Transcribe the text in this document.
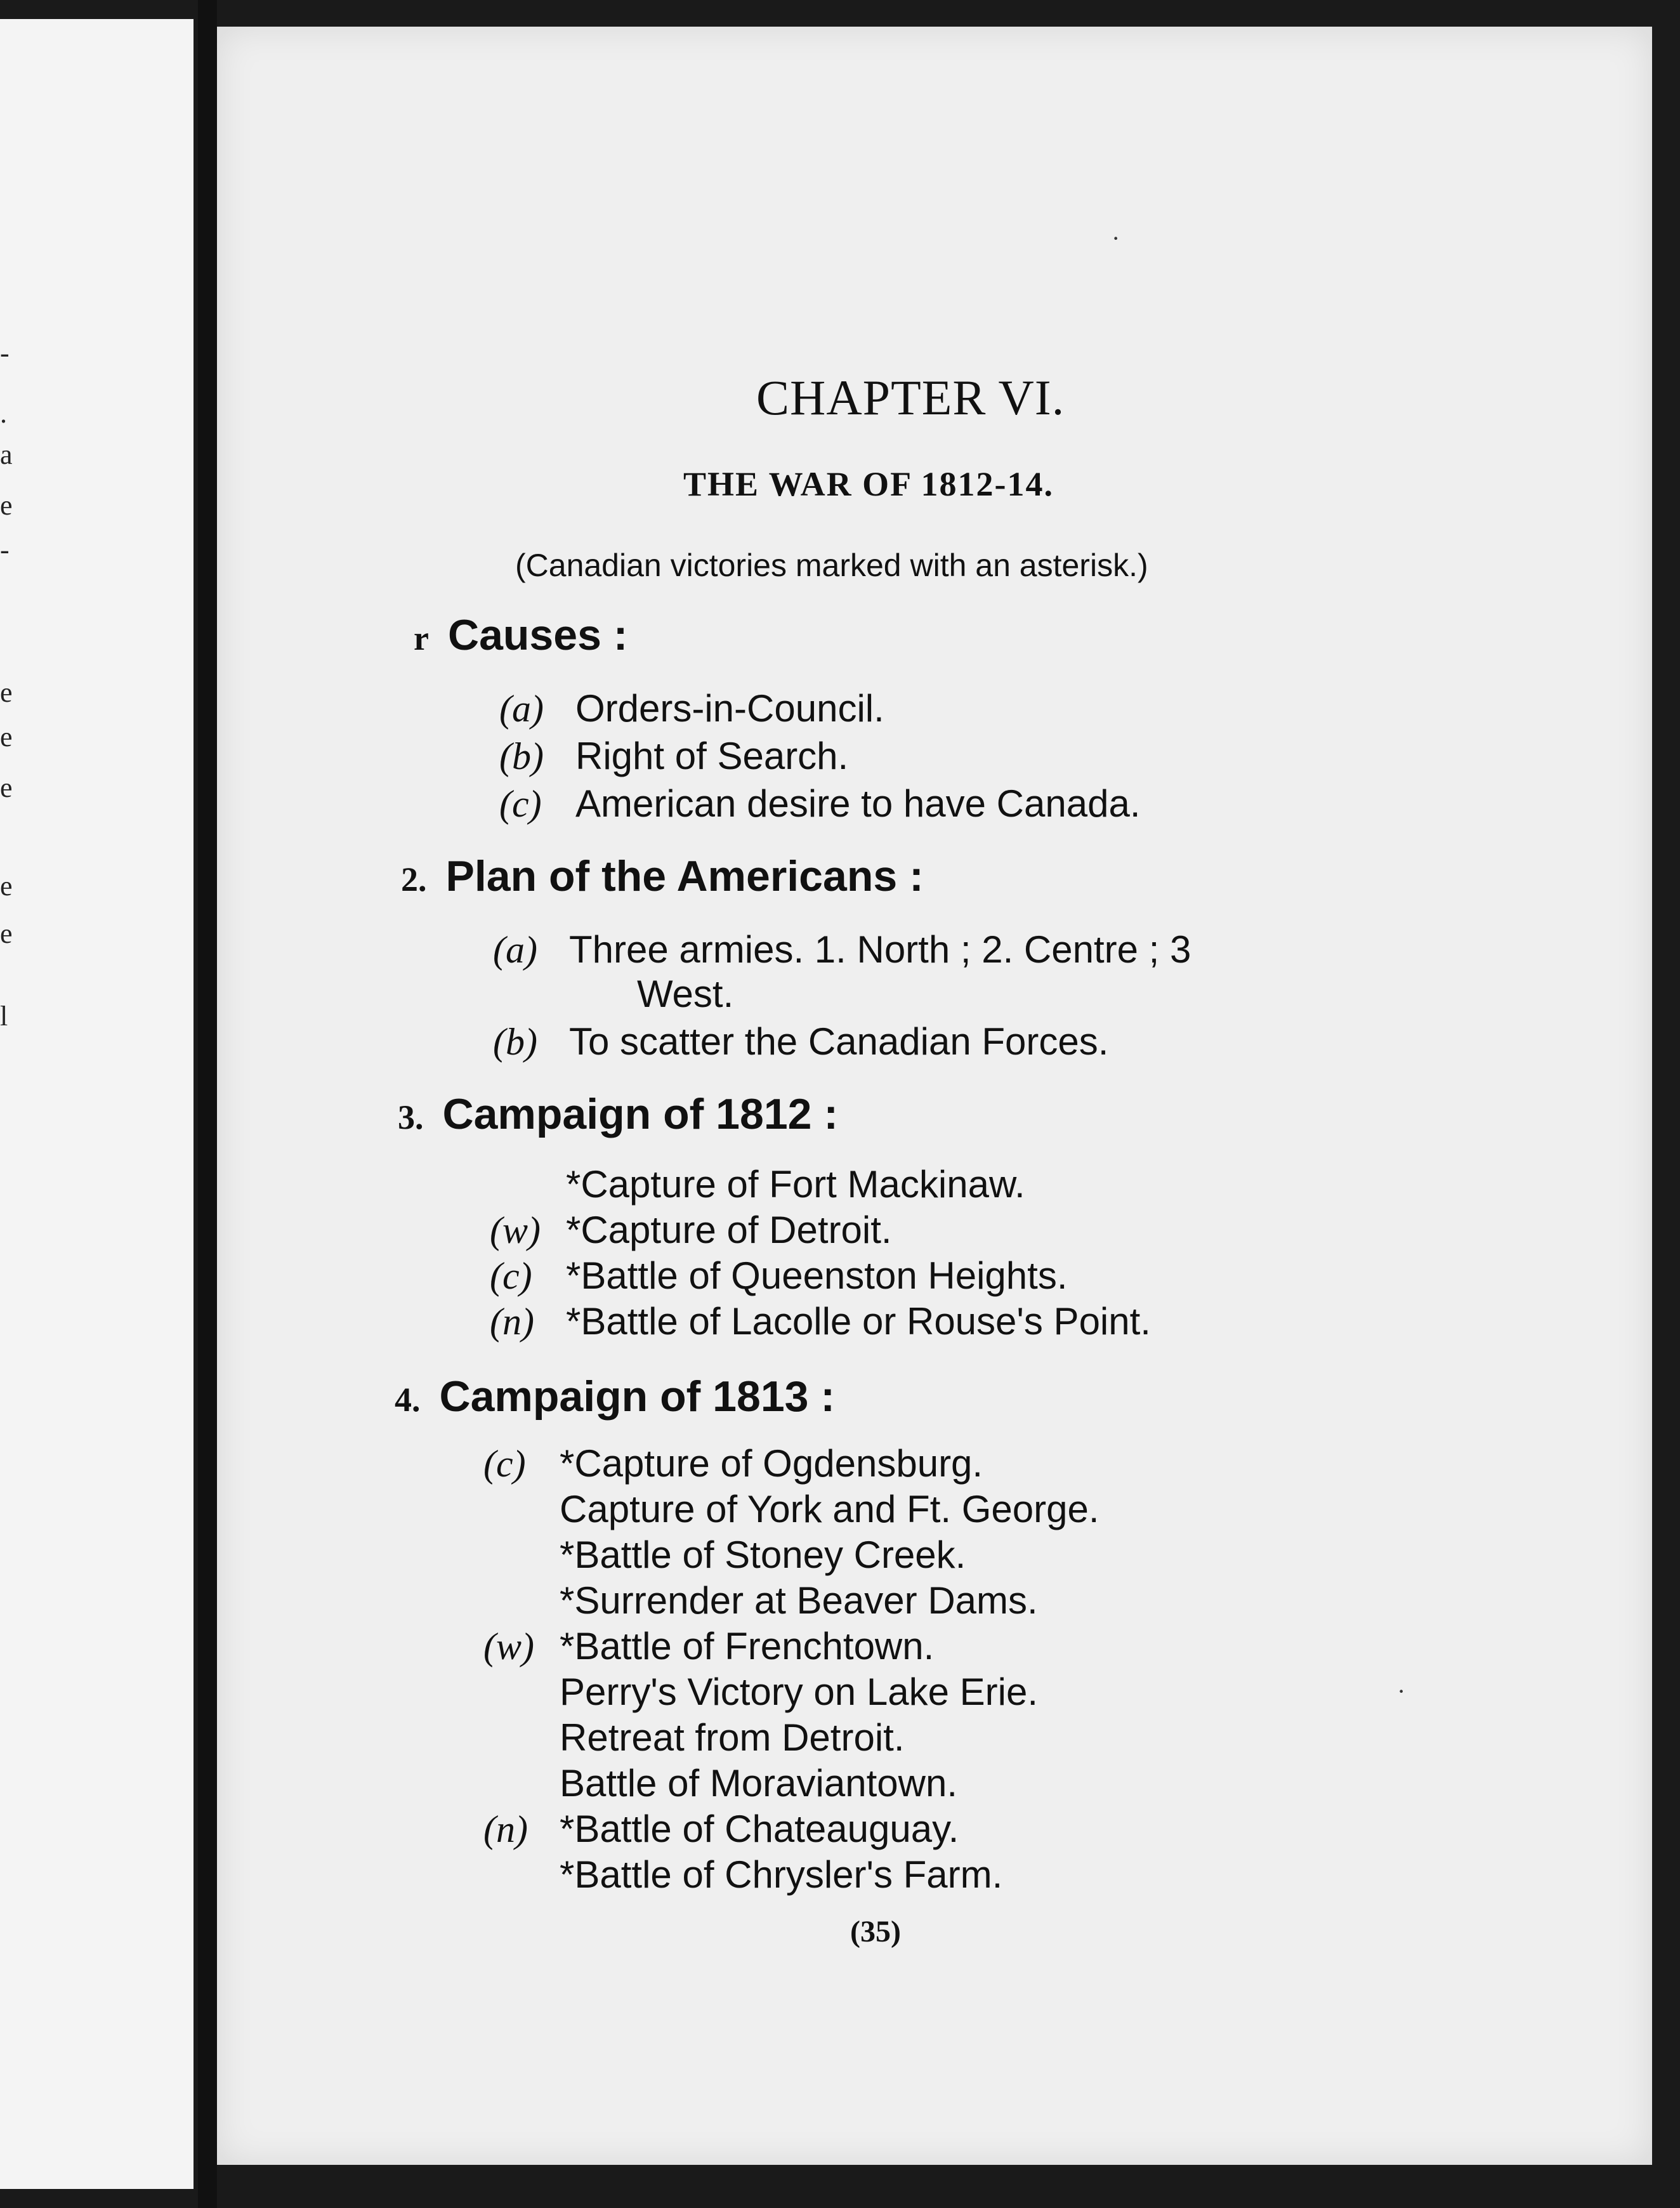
-
.
a
e
-
e
e
e
e
e
l
CHAPTER VI.
THE WAR OF 1812-14.
(Canadian victories marked with an asterisk.)
r Causes :
(a) Orders-in-Council.
(b) Right of Search.
(c) American desire to have Canada.
2. Plan of the Americans :
(a) Three armies. 1. North ; 2. Centre ; 3
West.
(b) To scatter the Canadian Forces.
3. Campaign of 1812 :
*Capture of Fort Mackinaw.
(w) *Capture of Detroit.
(c) *Battle of Queenston Heights.
(n) *Battle of Lacolle or Rouse's Point.
4. Campaign of 1813 :
(c) *Capture of Ogdensburg.
Capture of York and Ft. George.
*Battle of Stoney Creek.
*Surrender at Beaver Dams.
(w) *Battle of Frenchtown.
Perry's Victory on Lake Erie.
Retreat from Detroit.
Battle of Moraviantown.
(n) *Battle of Chateauguay.
*Battle of Chrysler's Farm.
(35)
·
·
